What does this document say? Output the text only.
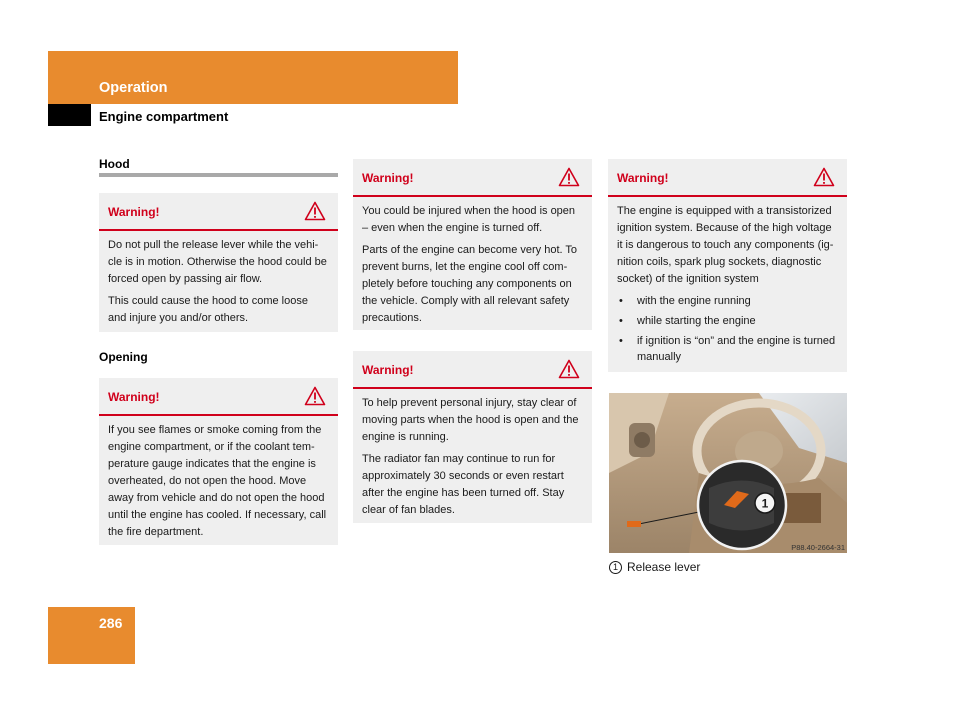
Operation
Engine compartment
Hood
Warning!

Do not pull the release lever while the vehi-cle is in motion. Otherwise the hood could be forced open by passing air flow.

This could cause the hood to come loose and injure you and/or others.

Opening
Warning!

If you see flames or smoke coming from the engine compartment, or if the coolant tem-perature gauge indicates that the engine is overheated, do not open the hood. Move away from vehicle and do not open the hood until the engine has cooled. If necessary, call the fire department.

Warning!

You could be injured when the hood is open – even when the engine is turned off.

Parts of the engine can become very hot. To prevent burns, let the engine cool off com-pletely before touching any components on the vehicle. Comply with all relevant safety precautions.

Warning!

To help prevent personal injury, stay clear of moving parts when the hood is open and the engine is running.

The radiator fan may continue to run for approximately 30 seconds or even restart after the engine has been turned off. Stay clear of fan blades.

Warning!

The engine is equipped with a transistorized ignition system. Because of the high voltage it is dangerous to touch any components (ig-nition coils, spark plug sockets, diagnostic socket) of the ignition system

• with the engine running
• while starting the engine
• if ignition is “on” and the engine is turned manually
1
P88.40-2664-31
1 Release lever
286
